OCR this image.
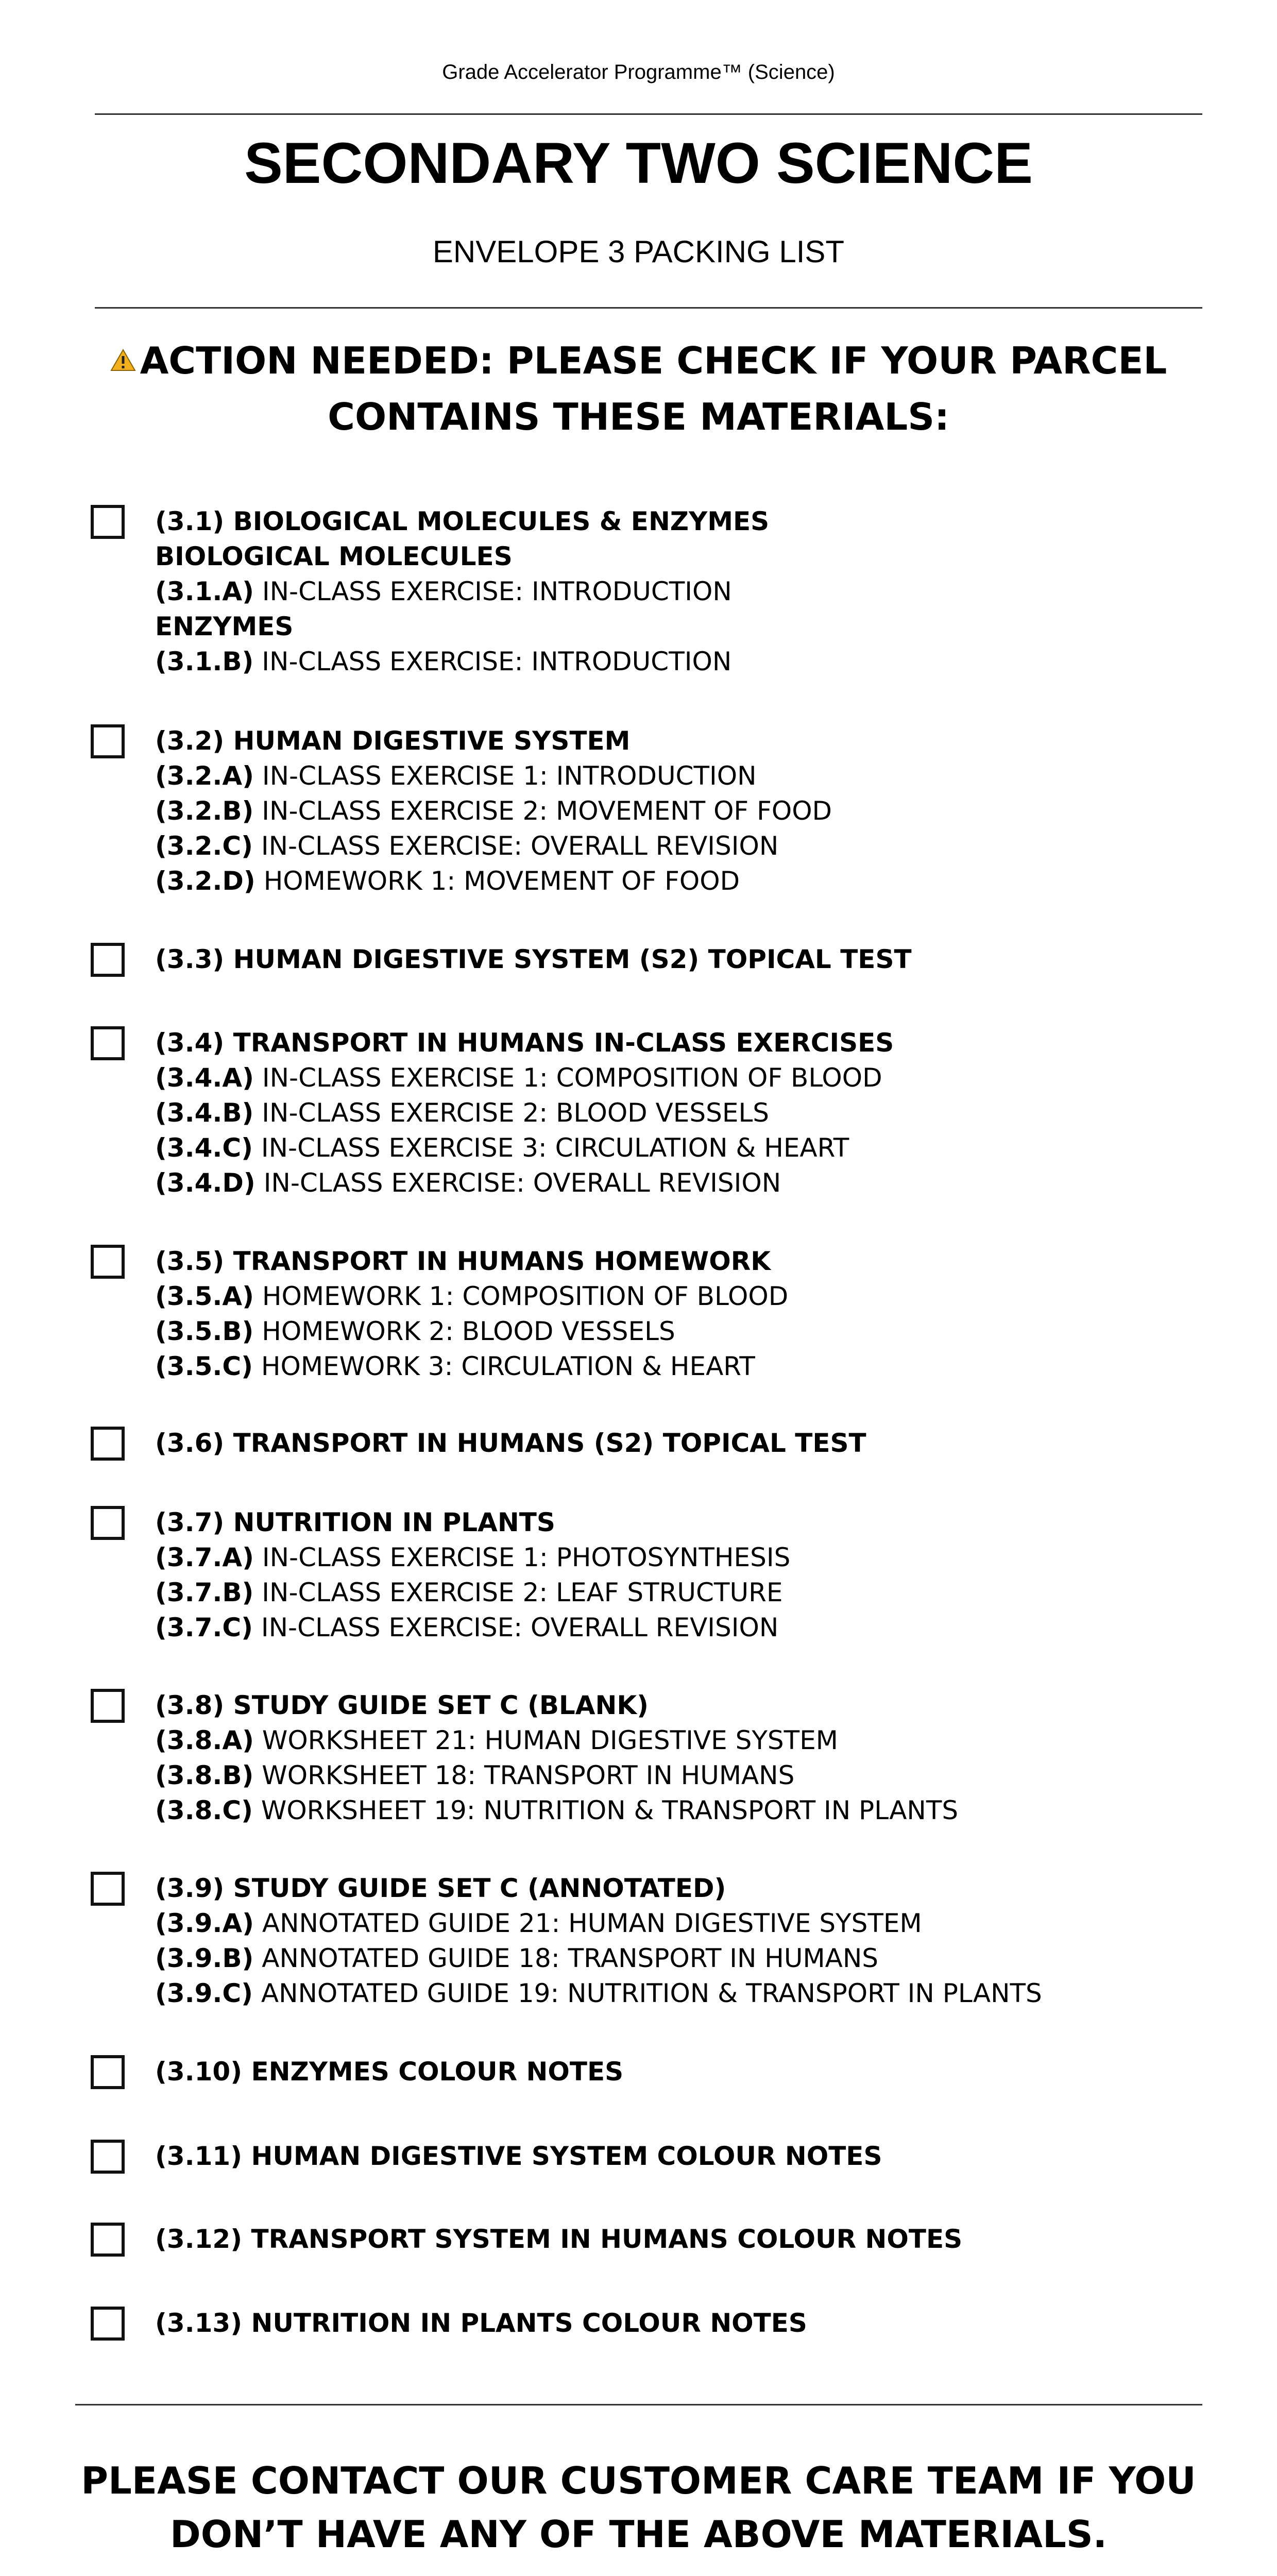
Grade Accelerator Programme™ (Science)
SECONDARY TWO SCIENCE
ENVELOPE 3 PACKING LIST
ACTION NEEDED: PLEASE CHECK IF YOUR PARCEL
CONTAINS THESE MATERIALS:
(3.1) BIOLOGICAL MOLECULES & ENZYMES
BIOLOGICAL MOLECULES
(3.1.A) IN-CLASS EXERCISE: INTRODUCTION
ENZYMES
(3.1.B) IN-CLASS EXERCISE: INTRODUCTION
(3.2) HUMAN DIGESTIVE SYSTEM
(3.2.A) IN-CLASS EXERCISE 1: INTRODUCTION
(3.2.B) IN-CLASS EXERCISE 2: MOVEMENT OF FOOD
(3.2.C) IN-CLASS EXERCISE: OVERALL REVISION
(3.2.D) HOMEWORK 1: MOVEMENT OF FOOD
(3.3) HUMAN DIGESTIVE SYSTEM (S2) TOPICAL TEST
(3.4) TRANSPORT IN HUMANS IN-CLASS EXERCISES
(3.4.A) IN-CLASS EXERCISE 1: COMPOSITION OF BLOOD
(3.4.B) IN-CLASS EXERCISE 2: BLOOD VESSELS
(3.4.C) IN-CLASS EXERCISE 3: CIRCULATION & HEART
(3.4.D) IN-CLASS EXERCISE: OVERALL REVISION
(3.5) TRANSPORT IN HUMANS HOMEWORK
(3.5.A) HOMEWORK 1: COMPOSITION OF BLOOD
(3.5.B) HOMEWORK 2: BLOOD VESSELS
(3.5.C) HOMEWORK 3: CIRCULATION & HEART
(3.6) TRANSPORT IN HUMANS (S2) TOPICAL TEST
(3.7) NUTRITION IN PLANTS
(3.7.A) IN-CLASS EXERCISE 1: PHOTOSYNTHESIS
(3.7.B) IN-CLASS EXERCISE 2: LEAF STRUCTURE
(3.7.C) IN-CLASS EXERCISE: OVERALL REVISION
(3.8) STUDY GUIDE SET C (BLANK)
(3.8.A) WORKSHEET 21: HUMAN DIGESTIVE SYSTEM
(3.8.B) WORKSHEET 18: TRANSPORT IN HUMANS
(3.8.C) WORKSHEET 19: NUTRITION & TRANSPORT IN PLANTS
(3.9) STUDY GUIDE SET C (ANNOTATED)
(3.9.A) ANNOTATED GUIDE 21: HUMAN DIGESTIVE SYSTEM
(3.9.B) ANNOTATED GUIDE 18: TRANSPORT IN HUMANS
(3.9.C) ANNOTATED GUIDE 19: NUTRITION & TRANSPORT IN PLANTS
(3.10) ENZYMES COLOUR NOTES
(3.11) HUMAN DIGESTIVE SYSTEM COLOUR NOTES
(3.12) TRANSPORT SYSTEM IN HUMANS COLOUR NOTES
(3.13) NUTRITION IN PLANTS COLOUR NOTES
PLEASE CONTACT OUR CUSTOMER CARE TEAM IF YOU
DON’T HAVE ANY OF THE ABOVE MATERIALS.
